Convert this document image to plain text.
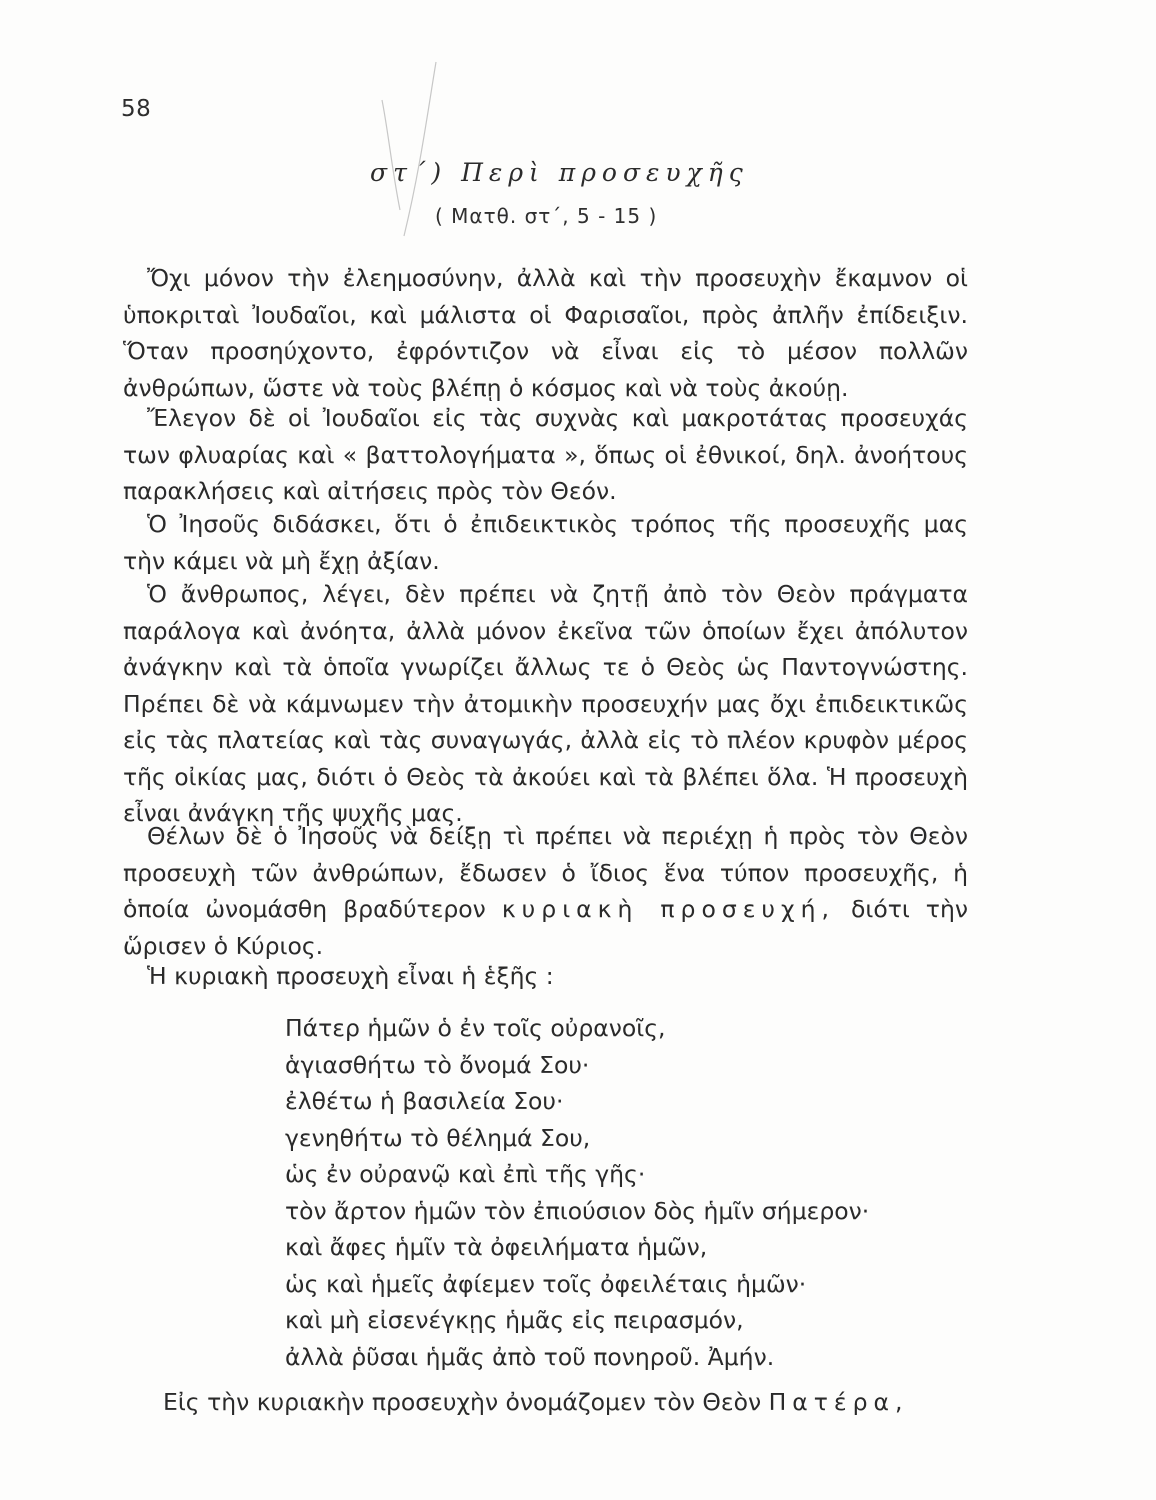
58
στ΄) Περὶ προσευχῆς
( Ματθ. στ΄, 5 - 15 )
Ὄχι μόνον τὴν ἐλεημοσύνην, ἀλλὰ καὶ τὴν προσευχὴν ἔκαμνον οἱ ὑποκριταὶ Ἰουδαῖοι, καὶ μάλιστα οἱ Φαρισαῖοι, πρὸς ἀπλῆν ἐπίδειξιν. Ὅταν προσηύχοντο, ἐφρόντιζον νὰ εἶναι εἰς τὸ μέσον πολλῶν ἀνθρώπων, ὥστε νὰ τοὺς βλέπῃ ὁ κόσμος καὶ νὰ τοὺς ἀκούῃ.
Ἔλεγον δὲ οἱ Ἰουδαῖοι εἰς τὰς συχνὰς καὶ μακροτάτας προσευχάς των φλυαρίας καὶ « βαττολογήματα », ὅπως οἱ ἐθνικοί, δηλ. ἀνοήτους παρακλήσεις καὶ αἰτήσεις πρὸς τὸν Θεόν.
Ὁ Ἰησοῦς διδάσκει, ὅτι ὁ ἐπιδεικτικὸς τρόπος τῆς προσευχῆς μας τὴν κάμει νὰ μὴ ἔχῃ ἀξίαν.
Ὁ ἄνθρωπος, λέγει, δὲν πρέπει νὰ ζητῇ ἀπὸ τὸν Θεὸν πράγματα παράλογα καὶ ἀνόητα, ἀλλὰ μόνον ἐκεῖνα τῶν ὁποίων ἔχει ἀπόλυτον ἀνάγκην καὶ τὰ ὁποῖα γνωρίζει ἄλλως τε ὁ Θεὸς ὡς Παντογνώστης. Πρέπει δὲ νὰ κάμνωμεν τὴν ἀτομικὴν προσευχήν μας ὄχι ἐπιδεικτικῶς εἰς τὰς πλατείας καὶ τὰς συναγωγάς, ἀλλὰ εἰς τὸ πλέον κρυφὸν μέρος τῆς οἰκίας μας, διότι ὁ Θεὸς τὰ ἀκούει καὶ τὰ βλέπει ὅλα. Ἡ προσευχὴ εἶναι ἀνάγκη τῆς ψυχῆς μας.
Θέλων δὲ ὁ Ἰησοῦς νὰ δείξῃ τὶ πρέπει νὰ περιέχῃ ἡ πρὸς τὸν Θεὸν προσευχὴ τῶν ἀνθρώπων, ἔδωσεν ὁ ἴδιος ἕνα τύπον προσευχῆς, ἡ ὁποία ὠνομάσθη βραδύτερον κυριακὴ προσευχή, διότι τὴν ὥρισεν ὁ Κύριος.
Ἡ κυριακὴ προσευχὴ εἶναι ἡ ἑξῆς :
Πάτερ ἡμῶν ὁ ἐν τοῖς οὐρανοῖς,
ἁγιασθήτω τὸ ὄνομά Σου·
ἐλθέτω ἡ βασιλεία Σου·
γενηθήτω τὸ θέλημά Σου,
ὡς ἐν οὐρανῷ καὶ ἐπὶ τῆς γῆς·
τὸν ἄρτον ἡμῶν τὸν ἐπιούσιον δὸς ἡμῖν σήμερον·
καὶ ἄφες ἡμῖν τὰ ὀφειλήματα ἡμῶν,
ὡς καὶ ἡμεῖς ἀφίεμεν τοῖς ὀφειλέταις ἡμῶν·
καὶ μὴ εἰσενέγκῃς ἡμᾶς εἰς πειρασμόν,
ἀλλὰ ῥῦσαι ἡμᾶς ἀπὸ τοῦ πονηροῦ. Ἀμήν.
Εἰς τὴν κυριακὴν προσευχὴν ὀνομάζομεν τὸν Θεὸν Πατέρα,
